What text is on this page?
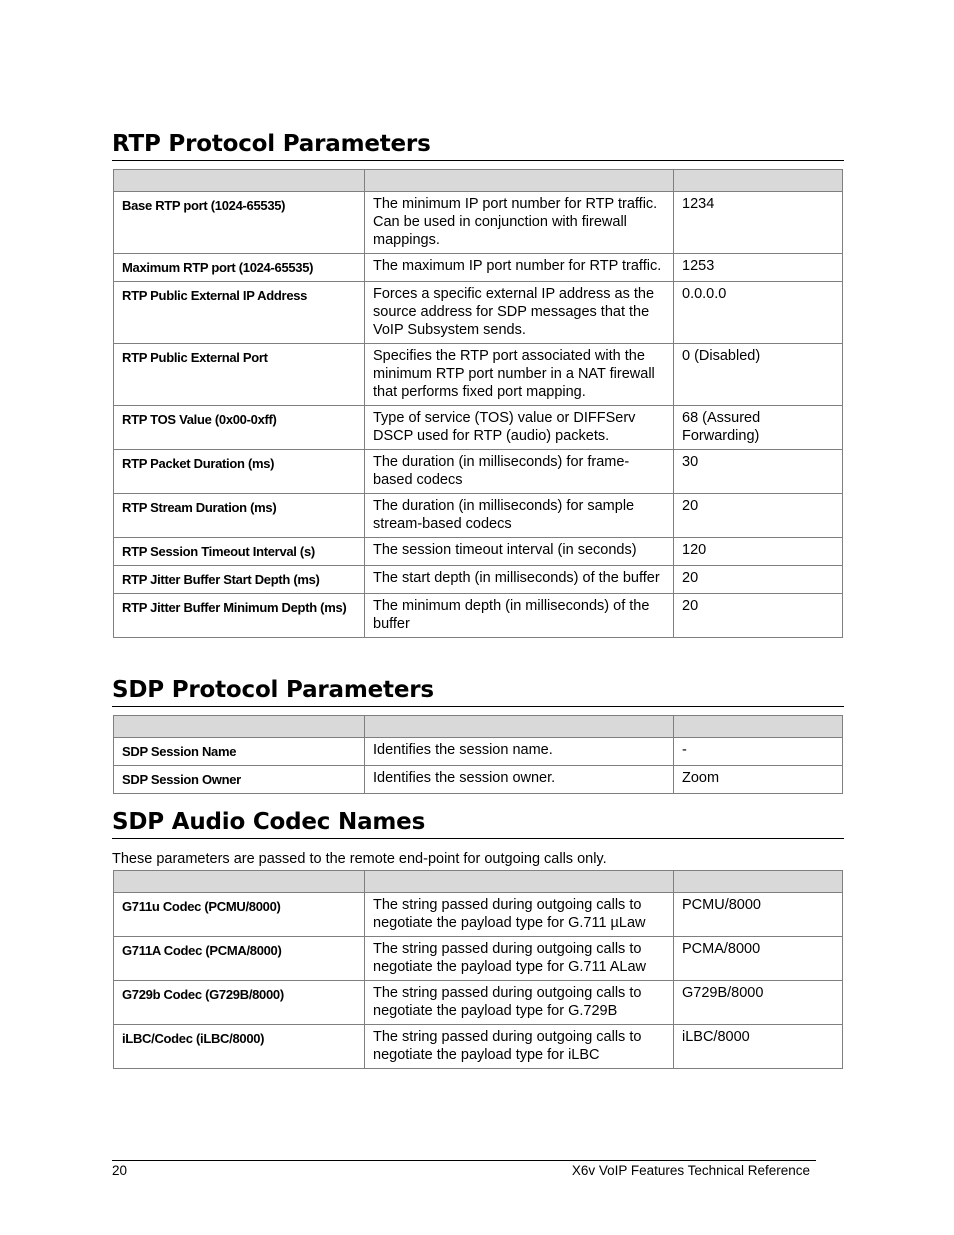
RTP Protocol Parameters

Base RTP port (1024-65535)	The minimum IP port number for RTP traffic. Can be used in conjunction with firewall mappings.	1234
Maximum RTP port (1024-65535)	The maximum IP port number for RTP traffic.	1253
RTP Public External IP Address	Forces a specific external IP address as the source address for SDP messages that the VoIP Subsystem sends.	0.0.0.0
RTP Public External Port	Specifies the RTP port associated with the minimum RTP port number in a NAT firewall that performs fixed port mapping.	0 (Disabled)
RTP TOS Value (0x00-0xff)	Type of service (TOS) value or DIFFServ DSCP used for RTP (audio) packets.	68 (Assured Forwarding)
RTP Packet Duration (ms)	The duration (in milliseconds) for frame-based codecs	30
RTP Stream Duration (ms)	The duration (in milliseconds) for sample stream-based codecs	20
RTP Session Timeout Interval (s)	The session timeout interval (in seconds)	120
RTP Jitter Buffer Start Depth (ms)	The start depth (in milliseconds) of the buffer	20
RTP Jitter Buffer Minimum Depth (ms)	The minimum depth (in milliseconds) of the buffer	20
SDP Protocol Parameters

SDP Session Name	Identifies the session name.	-
SDP Session Owner	Identifies the session owner.	Zoom
SDP Audio Codec Names

These parameters are passed to the remote end-point for outgoing calls only.

G711u Codec (PCMU/8000)	The string passed during outgoing calls to negotiate the payload type for G.711 µLaw	PCMU/8000
G711A Codec (PCMA/8000)	The string passed during outgoing calls to negotiate the payload type for G.711 ALaw	PCMA/8000
G729b Codec (G729B/8000)	The string passed during outgoing calls to negotiate the payload type for G.729B	G729B/8000
iLBC/Codec (iLBC/8000)	The string passed during outgoing calls to negotiate the payload type for iLBC	iLBC/8000
20	X6v VoIP Features Technical Reference
